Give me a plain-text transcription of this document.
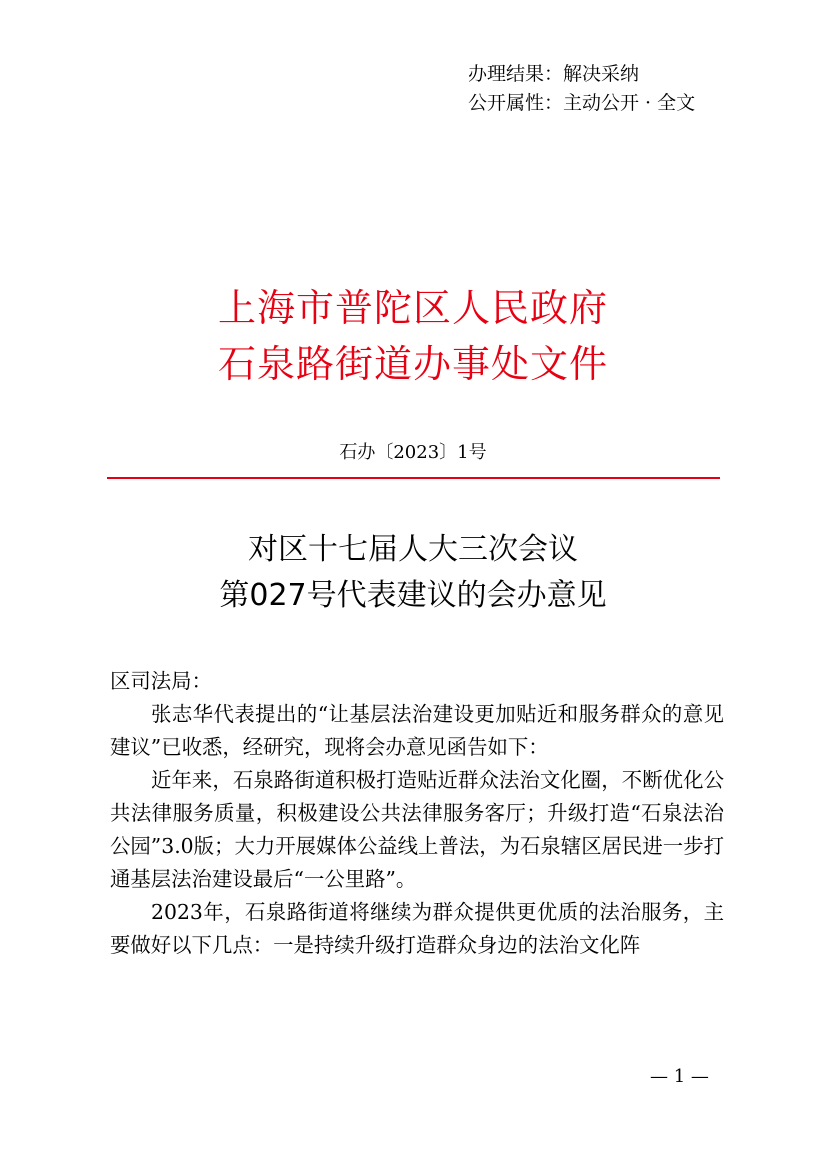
办理结果：解决采纳
公开属性：主动公开 · 全文
上海市普陀区人民政府
石泉路街道办事处文件
石办〔2023〕1号
对区十七届人大三次会议
第027号代表建议的会办意见

区司法局：

张志华代表提出的“让基层法治建设更加贴近和服务群众的意见建议”已收悉，经研究，现将会办意见函告如下：

近年来，石泉路街道积极打造贴近群众法治文化圈，不断优化公共法律服务质量，积极建设公共法律服务客厅；升级打造“石泉法治公园”3.0版；大力开展媒体公益线上普法，为石泉辖区居民进一步打通基层法治建设最后“一公里路”。

2023年，石泉路街道将继续为群众提供更优质的法治服务，主要做好以下几点：一是持续升级打造群众身边的法治文化阵

— 1 —
